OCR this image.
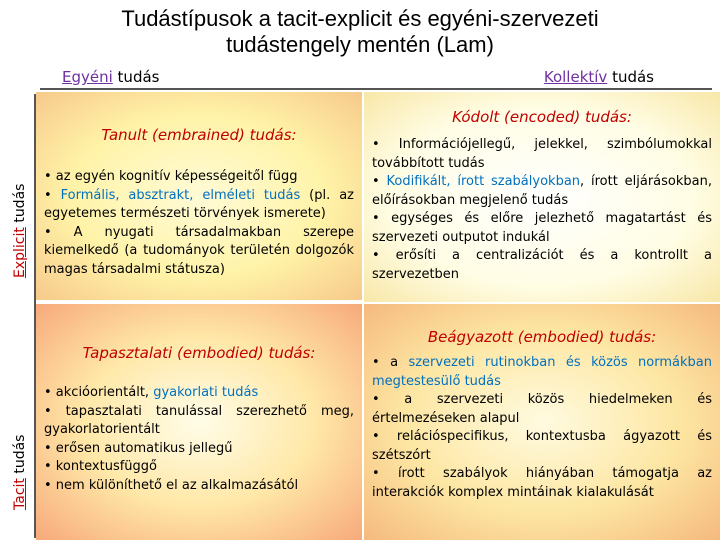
Tudástípusok a tacit-explicit és egyéni-szervezeti
tudástengely mentén (Lam)
Egyéni tudás	Kollektív tudás
Explicit tudás
Tacit tudás
Tanult (embrained) tudás:
• az egyén kognitív képességeitől függ
• Formális, absztrakt, elméleti tudás (pl. az egyetemes természeti törvények ismerete)
• A nyugati társadalmakban szerepe kiemelkedő (a tudományok területén dolgozók magas társadalmi státusza)
Kódolt (encoded) tudás:
• Információjellegű, jelekkel, szimbólumokkal továbbított tudás
• Kodifikált, írott szabályokban, írott eljárásokban, előírásokban megjelenő tudás
• egységes és előre jelezhető magatartást és szervezeti outputot indukál
• erősíti a centralizációt és a kontrollt a szervezetben
Tapasztalati (embodied) tudás:
• akcióorientált, gyakorlati tudás
• tapasztalati tanulással szerezhető meg, gyakorlatorientált
• erősen automatikus jellegű
• kontextusfüggő
• nem különíthető el az alkalmazásától
Beágyazott (embodied) tudás:
• a szervezeti rutinokban és közös normákban megtestesülő tudás
• a szervezeti közös hiedelmeken és értelmezéseken alapul
• relációspecifikus, kontextusba ágyazott és szétszórt
• írott szabályok hiányában támogatja az interakciók komplex mintáinak kialakulását
